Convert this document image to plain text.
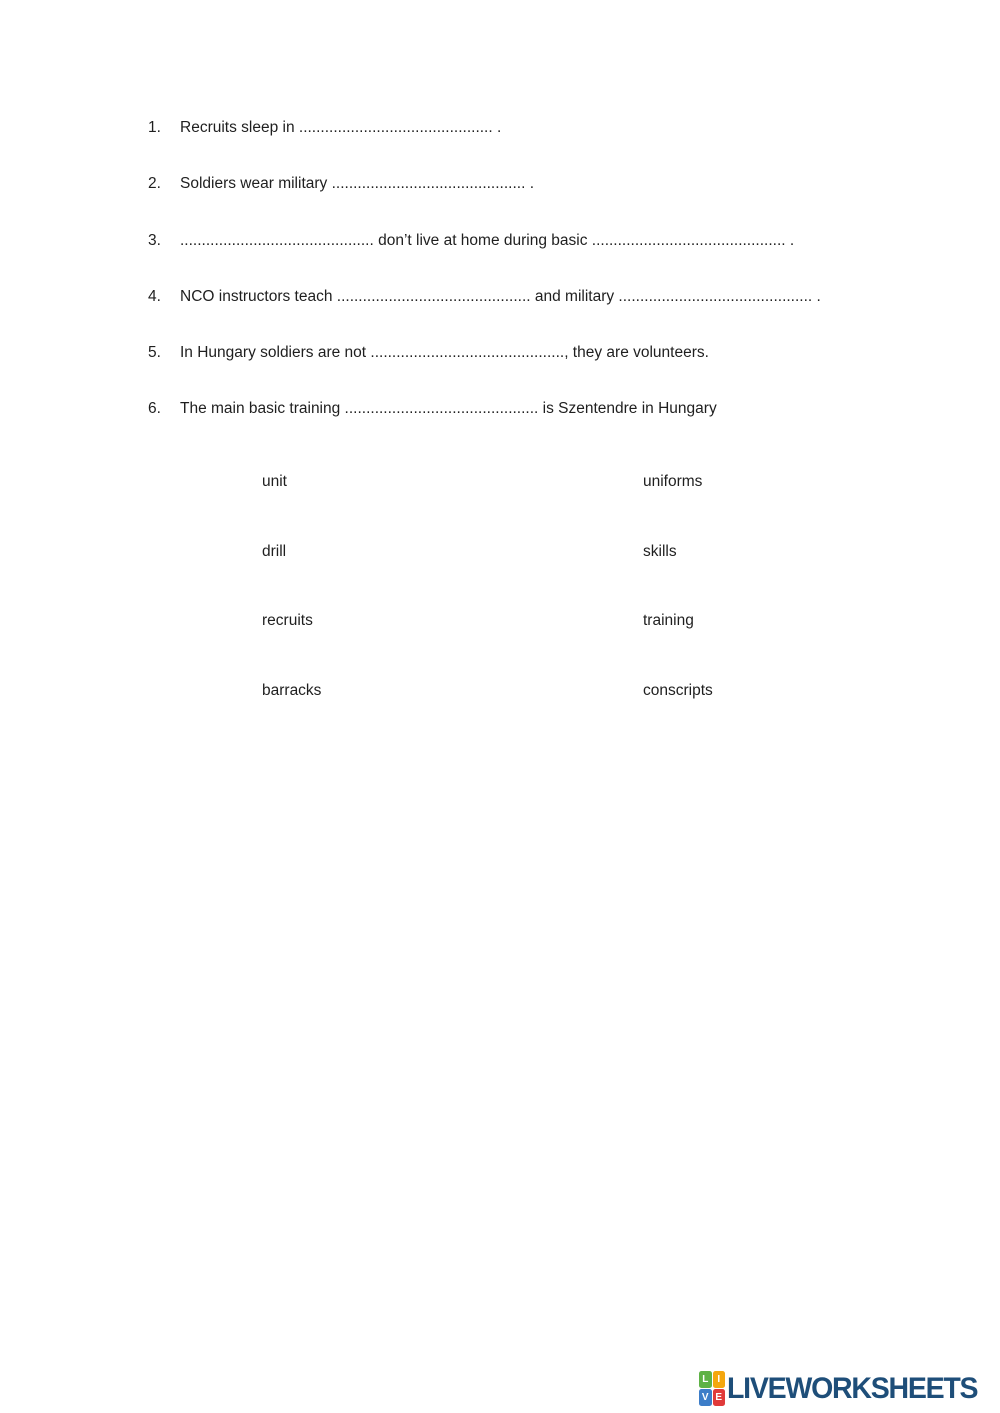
1.	Recruits sleep in ............................................. .
2.	Soldiers wear military ............................................. .
3.	............................................. don’t live at home during basic ............................................. .
4.	NCO instructors teach ............................................. and military ............................................. .
5.	In Hungary soldiers are not ............................................., they are volunteers.
6.	The main basic training ............................................. is Szentendre in Hungary
unit	uniforms
drill	skills
recruits	training
barracks	conscripts
L I
V E LIVEWORKSHEETS
